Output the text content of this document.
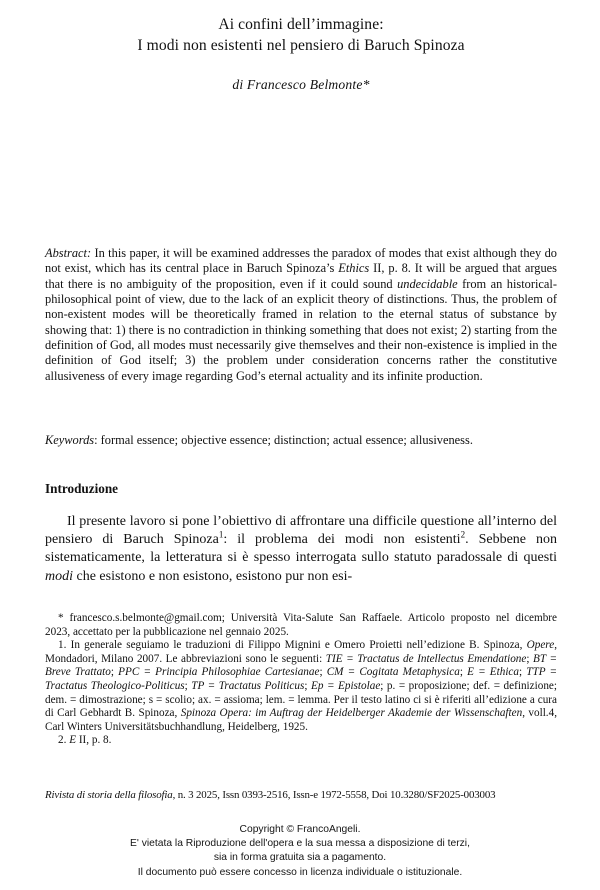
Ai confini dell’immagine:
I modi non esistenti nel pensiero di Baruch Spinoza
di Francesco Belmonte*
Abstract: In this paper, it will be examined addresses the paradox of modes that exist although they do not exist, which has its central place in Baruch Spinoza’s Ethics II, p. 8. It will be argued that argues that there is no ambiguity of the proposition, even if it could sound undecidable from an historical-philosophical point of view, due to the lack of an explicit theory of distinctions. Thus, the problem of non-existent modes will be theoretically framed in relation to the eternal status of substance by showing that: 1) there is no contradiction in thinking something that does not exist; 2) starting from the definition of God, all modes must necessarily give themselves and their non-existence is implied in the definition of God itself; 3) the problem under consideration concerns rather the constitutive allusiveness of every image regarding God’s eternal actuality and its infinite production.
Keywords: formal essence; objective essence; distinction; actual essence; allusiveness.
Introduzione
Il presente lavoro si pone l’obiettivo di affrontare una difficile questione all’interno del pensiero di Baruch Spinoza$^1$: il problema dei modi non esistenti$^2$. Sebbene non sistematicamente, la letteratura si è spesso interrogata sullo statuto paradossale di questi modi che esistono e non esistono, esistono pur non esi-

* francesco.s.belmonte@gmail.com; Università Vita-Salute San Raffaele. Articolo proposto nel dicembre 2023, accettato per la pubblicazione nel gennaio 2025.

1. In generale seguiamo le traduzioni di Filippo Mignini e Omero Proietti nell’edizione B. Spinoza, Opere, Mondadori, Milano 2007. Le abbreviazioni sono le seguenti: TIE = Tractatus de Intellectus Emendatione; BT = Breve Trattato; PPC = Principia Philosophiae Cartesianae; CM = Cogitata Metaphysica; E = Ethica; TTP = Tractatus Theologico-Politicus; TP = Tractatus Politicus; Ep = Epistolae; p. = proposizione; def. = definizione; dem. = dimostrazione; s = scolio; ax. = assioma; lem. = lemma. Per il testo latino ci si è riferiti all’edizione a cura di Carl Gebhardt B. Spinoza, Spinoza Opera: im Auftrag der Heidelberger Akademie der Wissenschaften, voll.4, Carl Winters Universitätsbuchhandlung, Heidelberg, 1925.

2. E II, p. 8.

Rivista di storia della filosofia, n. 3 2025, Issn 0393-2516, Issn-e 1972-5558, Doi 10.3280/SF2025-003003
Copyright © FrancoAngeli.
E' vietata la Riproduzione dell'opera e la sua messa a disposizione di terzi,
sia in forma gratuita sia a pagamento.
Il documento può essere concesso in licenza individuale o istituzionale.
